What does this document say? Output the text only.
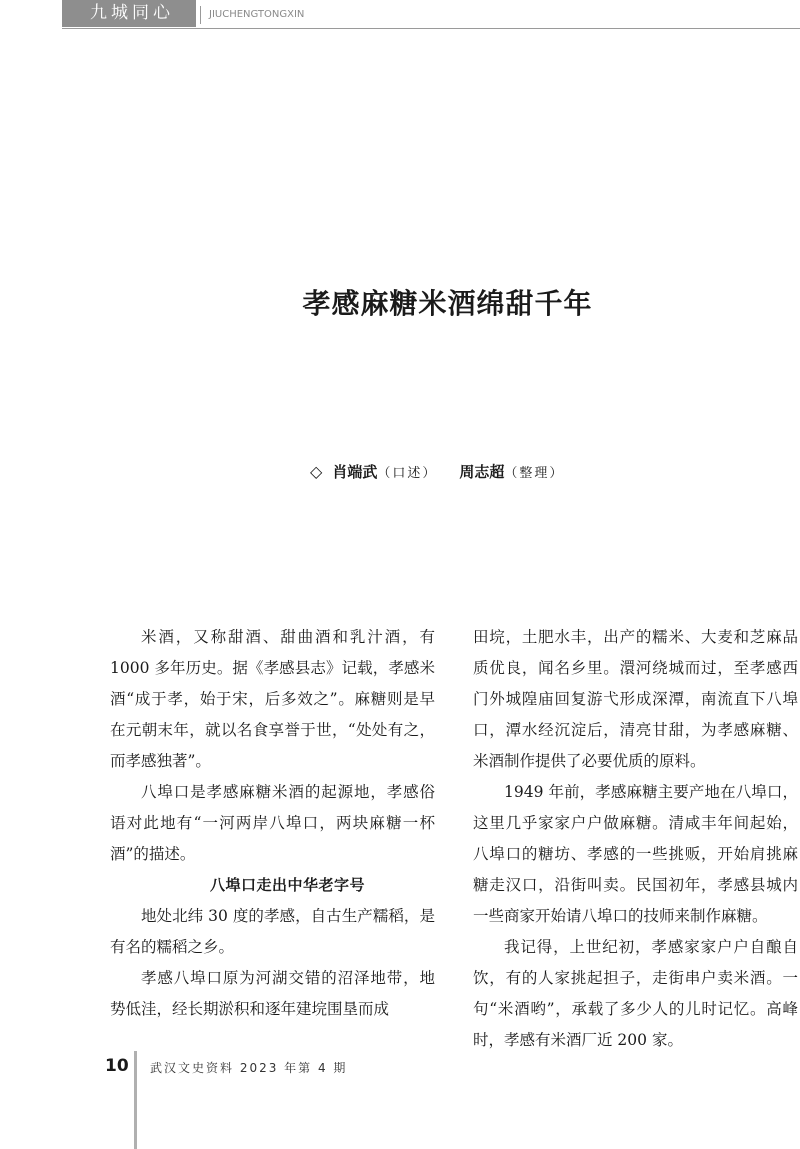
九城同心	JIUCHENGTONGXIN
孝感麻糖米酒绵甜千年
◇ 肖端武（口述） 周志超（整理）

米酒，又称甜酒、甜曲酒和乳汁酒，有 1000 多年历史。据《孝感县志》记载，孝感米酒“成于孝，始于宋，后多效之”。麻糖则是早在元朝末年，就以名食享誉于世，“处处有之，而孝感独著”。

八埠口是孝感麻糖米酒的起源地，孝感俗语对此地有“一河两岸八埠口，两块麻糖一杯酒”的描述。

八埠口走出中华老字号

地处北纬 30 度的孝感，自古生产糯稻，是有名的糯稻之乡。

孝感八埠口原为河湖交错的沼泽地带，地势低洼，经长期淤积和逐年建垸围垦而成

田垸，土肥水丰，出产的糯米、大麦和芝麻品质优良，闻名乡里。澴河绕城而过，至孝感西门外城隍庙回复游弋形成深潭，南流直下八埠口，潭水经沉淀后，清亮甘甜，为孝感麻糖、米酒制作提供了必要优质的原料。

1949 年前，孝感麻糖主要产地在八埠口，这里几乎家家户户做麻糖。清咸丰年间起始，八埠口的糖坊、孝感的一些挑贩，开始肩挑麻糖走汉口，沿街叫卖。民国初年，孝感县城内一些商家开始请八埠口的技师来制作麻糖。

我记得，上世纪初，孝感家家户户自酿自饮，有的人家挑起担子，走街串户卖米酒。一句“米酒哟”，承载了多少人的儿时记忆。高峰时，孝感有米酒厂近 200 家。

10 武汉文史资料 2023 年第 4 期
